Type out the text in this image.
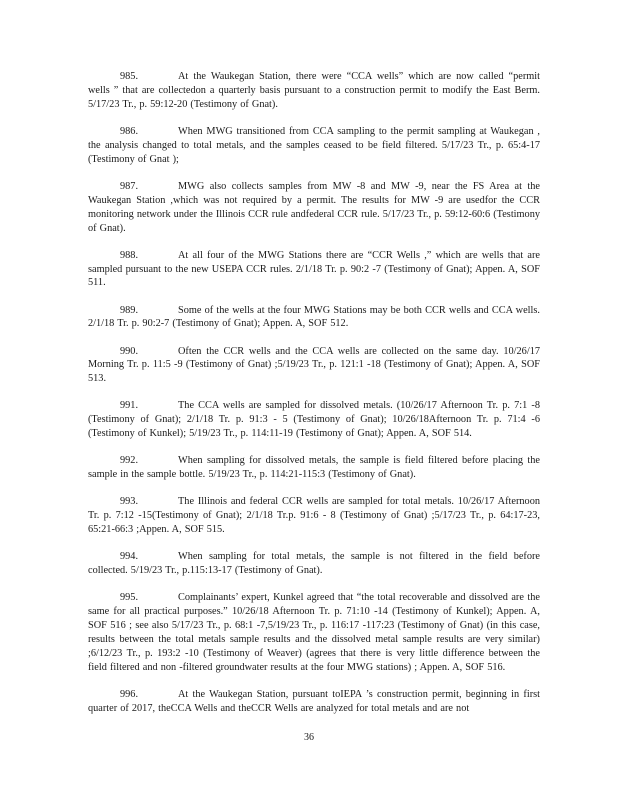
985.	At the Waukegan Station, there were “CCA wells” which are now called “permit wells ” that are collectedon a quarterly basis pursuant to a construction permit to modify the East Berm. 5/17/23 Tr., p. 59:12-20 (Testimony of Gnat).

986.	When MWG transitioned from CCA sampling to the permit sampling at Waukegan , the analysis changed to total metals, and the samples ceased to be field filtered. 5/17/23 Tr., p. 65:4-17 (Testimony of Gnat );

987.	MWG also collects samples from MW -8 and MW -9, near the FS Area at the Waukegan Station ,which was not required by a permit. The results for MW -9 are usedfor the CCR monitoring network under the Illinois CCR rule andfederal CCR rule. 5/17/23 Tr., p. 59:12-60:6 (Testimony of Gnat).

988.	At all four of the MWG Stations there are “CCR Wells ,” which are wells that are sampled pursuant to the new USEPA CCR rules. 2/1/18 Tr. p. 90:2 -7 (Testimony of Gnat); Appen. A, SOF 511.

989.	Some of the wells at the four MWG Stations may be both CCR wells and CCA wells. 2/1/18 Tr. p. 90:2-7 (Testimony of Gnat); Appen. A, SOF 512.

990.	Often the CCR wells and the CCA wells are collected on the same day. 10/26/17 Morning Tr. p. 11:5 -9 (Testimony of Gnat) ;5/19/23 Tr., p. 121:1 -18 (Testimony of Gnat); Appen. A, SOF 513.

991.	The CCA wells are sampled for dissolved metals. (10/26/17 Afternoon Tr. p. 7:1 -8 (Testimony of Gnat); 2/1/18 Tr. p. 91:3 - 5 (Testimony of Gnat); 10/26/18Afternoon Tr. p. 71:4 -6 (Testimony of Kunkel); 5/19/23 Tr., p. 114:11-19 (Testimony of Gnat); Appen. A, SOF 514.

992.	When sampling for dissolved metals, the sample is field filtered before placing the sample in the sample bottle. 5/19/23 Tr., p. 114:21-115:3 (Testimony of Gnat).

993.	The Illinois and federal CCR wells are sampled for total metals. 10/26/17 Afternoon Tr. p. 7:12 -15(Testimony of Gnat); 2/1/18 Tr.p. 91:6 - 8 (Testimony of Gnat) ;5/17/23 Tr., p. 64:17-23, 65:21-66:3 ;Appen. A, SOF 515.

994.	When sampling for total metals, the sample is not filtered in the field before collected. 5/19/23 Tr., p.115:13-17 (Testimony of Gnat).

995.	Complainants’ expert, Kunkel agreed that “the total recoverable and dissolved are the same for all practical purposes.” 10/26/18 Afternoon Tr. p. 71:10 -14 (Testimony of Kunkel); Appen. A, SOF 516 ; see also 5/17/23 Tr., p. 68:1 -7,5/19/23 Tr., p. 116:17 -117:23 (Testimony of Gnat) (in this case, results between the total metals sample results and the dissolved metal sample results are very similar) ;6/12/23 Tr., p. 193:2 -10 (Testimony of Weaver) (agrees that there is very little difference between the field filtered and non -filtered groundwater results at the four MWG stations) ; Appen. A, SOF 516.

996.	At the Waukegan Station, pursuant toIEPA ’s construction permit, beginning in first quarter of 2017, theCCA Wells and theCCR Wells are analyzed for total metals and are not

36
